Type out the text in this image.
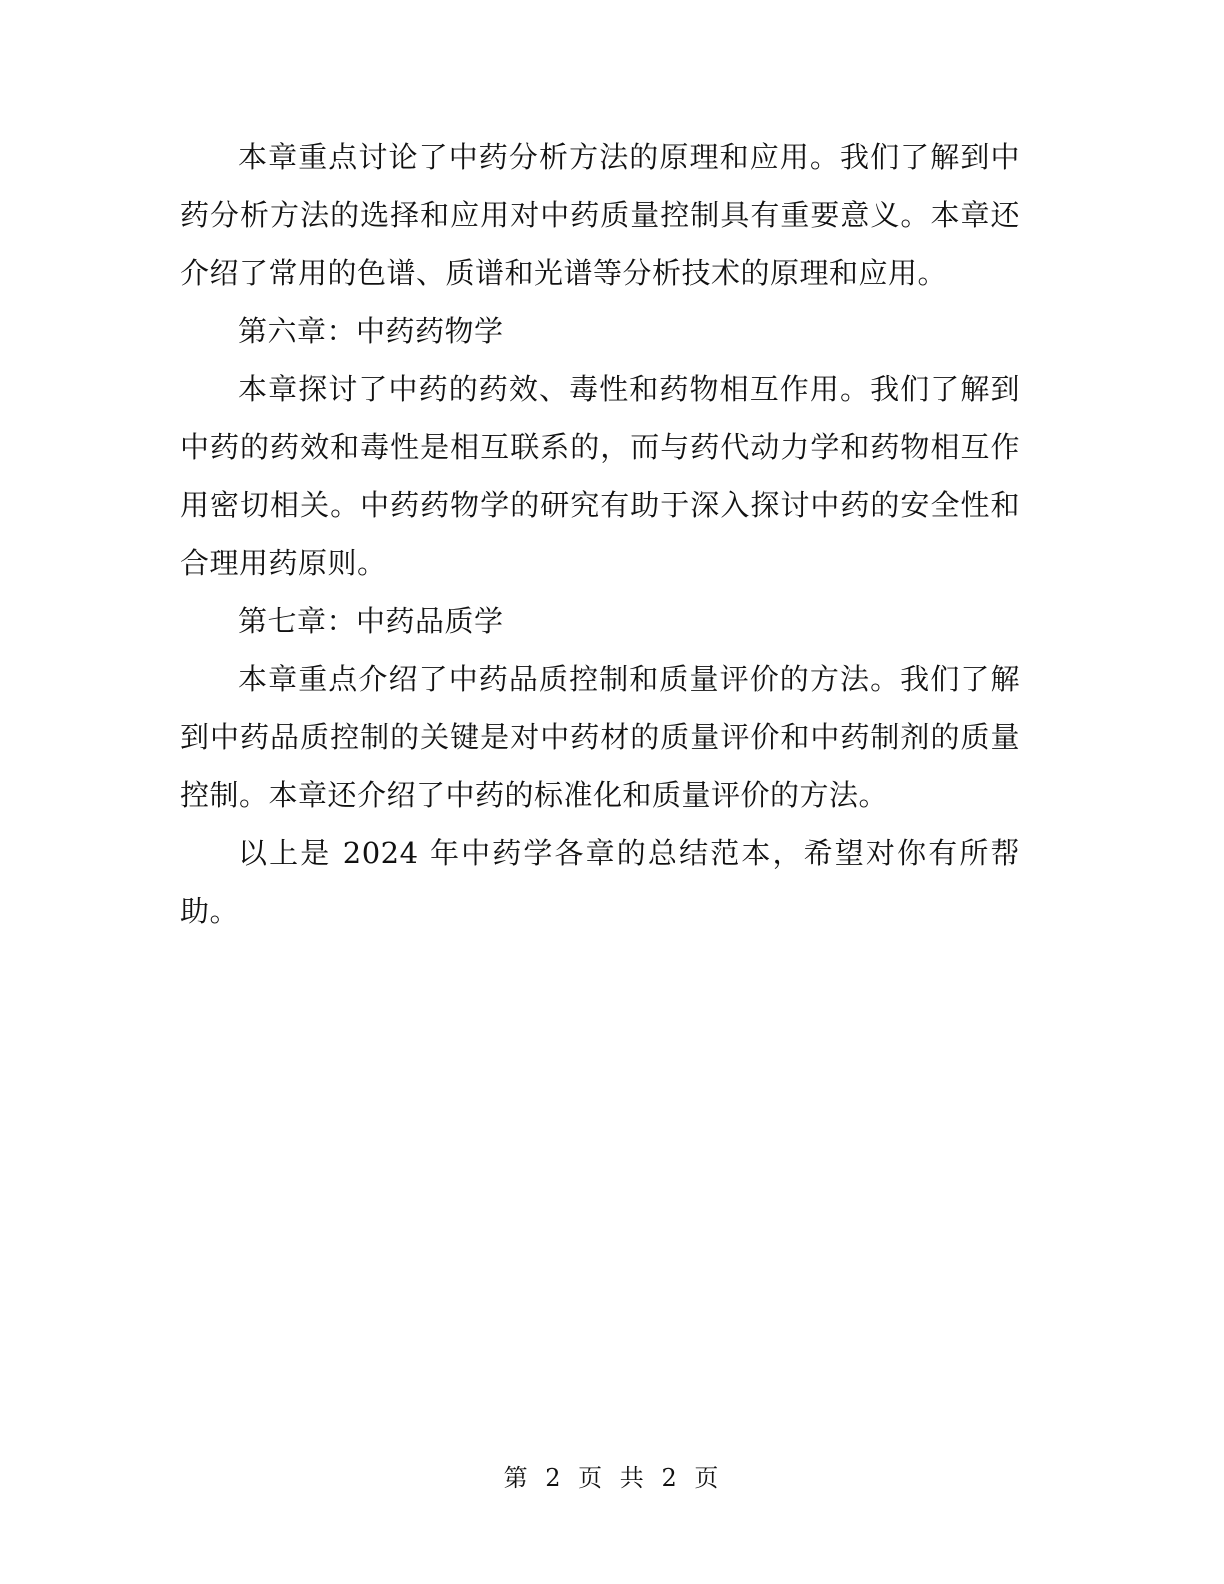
本章重点讨论了中药分析方法的原理和应用。我们了解到中药分析方法的选择和应用对中药质量控制具有重要意义。本章还介绍了常用的色谱、质谱和光谱等分析技术的原理和应用。

第六章：中药药物学

本章探讨了中药的药效、毒性和药物相互作用。我们了解到中药的药效和毒性是相互联系的，而与药代动力学和药物相互作用密切相关。中药药物学的研究有助于深入探讨中药的安全性和合理用药原则。

第七章：中药品质学

本章重点介绍了中药品质控制和质量评价的方法。我们了解到中药品质控制的关键是对中药材的质量评价和中药制剂的质量控制。本章还介绍了中药的标准化和质量评价的方法。

以上是 2024 年中药学各章的总结范本，希望对你有所帮助。

第 2 页 共 2 页
